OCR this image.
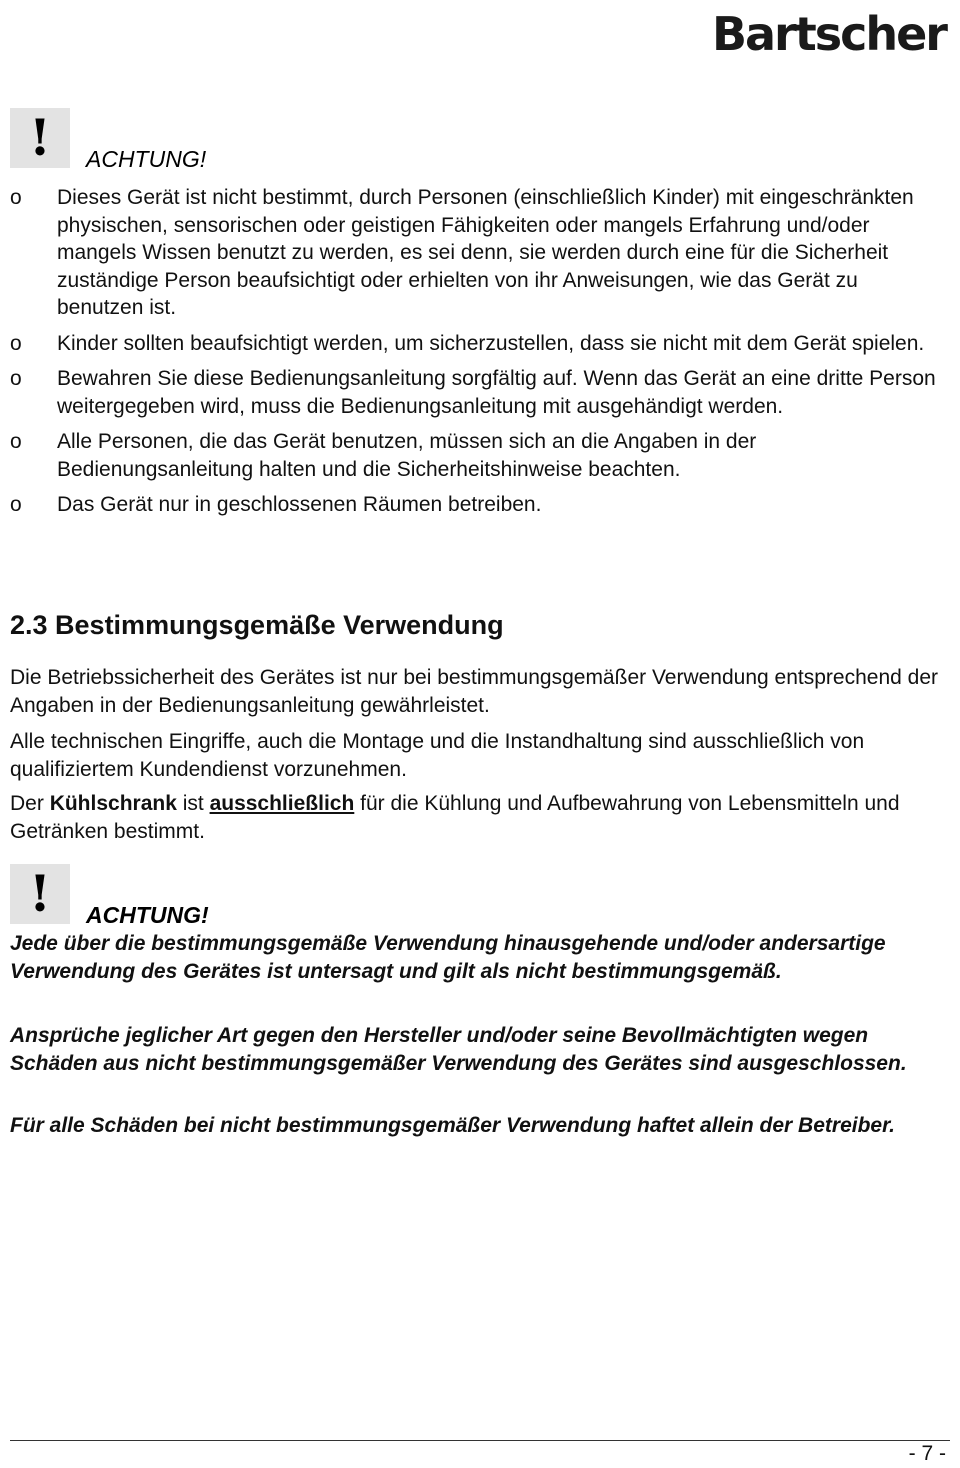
Bartscher
!	ACHTUNG!
o	Dieses Gerät ist nicht bestimmt, durch Personen (einschließlich Kinder) mit eingeschränkten physischen, sensorischen oder geistigen Fähigkeiten oder mangels Erfahrung und/oder mangels Wissen benutzt zu werden, es sei denn, sie werden durch eine für die Sicherheit zuständige Person beaufsichtigt oder erhielten von ihr Anweisungen, wie das Gerät zu benutzen ist.
o	Kinder sollten beaufsichtigt werden, um sicherzustellen, dass sie nicht mit dem Gerät spielen.
o	Bewahren Sie diese Bedienungsanleitung sorgfältig auf. Wenn das Gerät an eine dritte Person weitergegeben wird, muss die Bedienungsanleitung mit ausgehändigt werden.
o	Alle Personen, die das Gerät benutzen, müssen sich an die Angaben in der Bedienungsanleitung halten und die Sicherheitshinweise beachten.
o	Das Gerät nur in geschlossenen Räumen betreiben.
2.3 Bestimmungsgemäße Verwendung

Die Betriebssicherheit des Gerätes ist nur bei bestimmungsgemäßer Verwendung entsprechend der Angaben in der Bedienungsanleitung gewährleistet.

Alle technischen Eingriffe, auch die Montage und die Instandhaltung sind ausschließlich von qualifiziertem Kundendienst vorzunehmen.

Der Kühlschrank ist ausschließlich für die Kühlung und Aufbewahrung von Lebensmitteln und Getränken bestimmt.

!	ACHTUNG!

Jede über die bestimmungsgemäße Verwendung hinausgehende und/oder andersartige Verwendung des Gerätes ist untersagt und gilt als nicht bestimmungsgemäß.

Ansprüche jeglicher Art gegen den Hersteller und/oder seine Bevollmächtigten wegen Schäden aus nicht bestimmungsgemäßer Verwendung des Gerätes sind ausgeschlossen.

Für alle Schäden bei nicht bestimmungsgemäßer Verwendung haftet allein der Betreiber.

- 7 -
